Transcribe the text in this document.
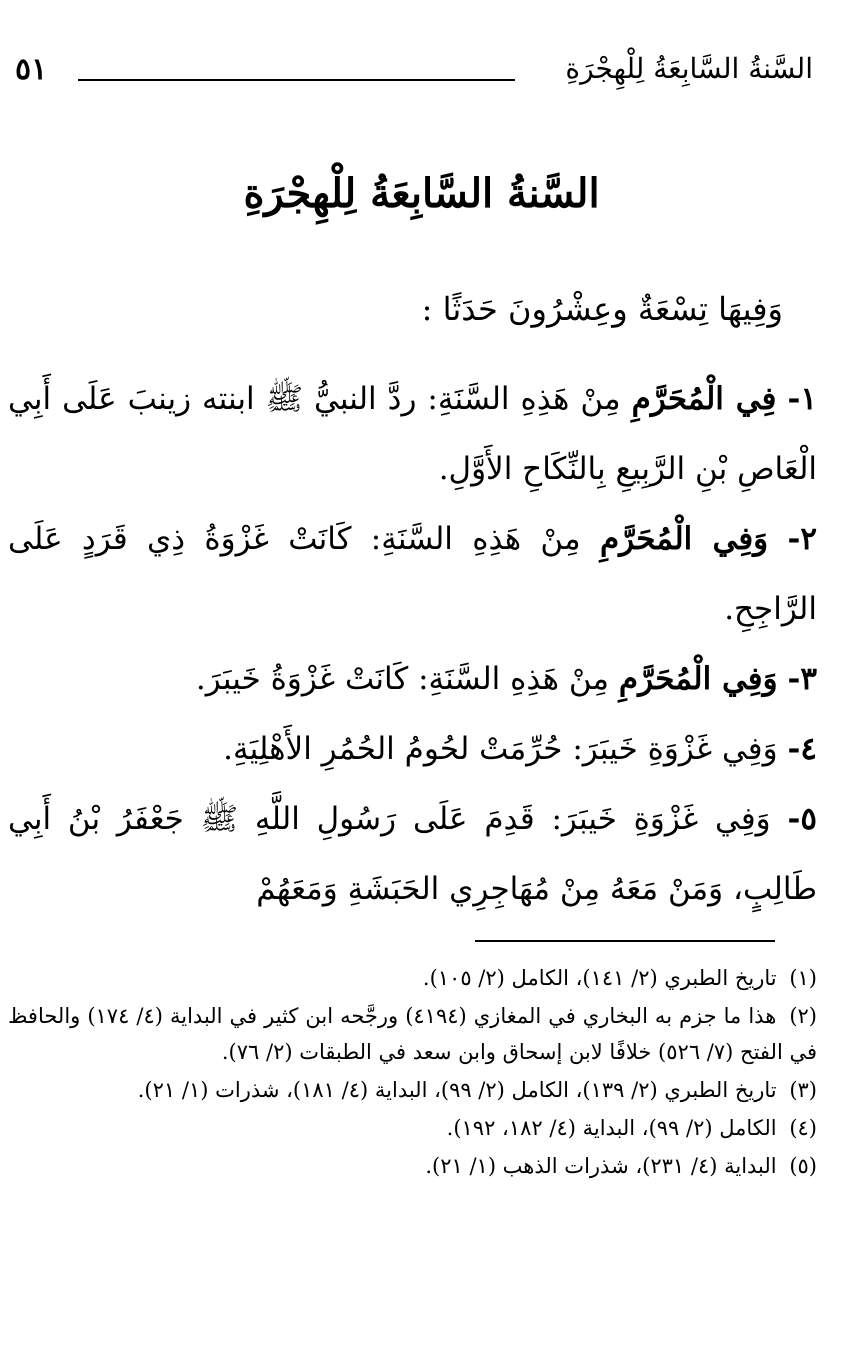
السَّنةُ السَّابِعَةُ لِلْهِجْرَةِ
٥١
السَّنةُ السَّابِعَةُ لِلْهِجْرَةِ
وَفِيهَا تِسْعَةٌ وعِشْرُونَ حَدَثًا :

١- فِي الْمُحَرَّمِ مِنْ هَذِهِ السَّنَةِ: ردَّ النبيُّ ﷺ ابنته زينبَ عَلَى أَبِي الْعَاصِ بْنِ الرَّبِيعِ بِالنِّكَاحِ الأَوَّلِ.

٢- وَفِي الْمُحَرَّمِ مِنْ هَذِهِ السَّنَةِ: كَانَتْ غَزْوَةُ ذِي قَرَدٍ عَلَى الرَّاجِحِ.

٣- وَفِي الْمُحَرَّمِ مِنْ هَذِهِ السَّنَةِ: كَانَتْ غَزْوَةُ خَيبَرَ.

٤- وَفِي غَزْوَةِ خَيبَرَ: حُرِّمَتْ لحُومُ الحُمُرِ الأَهْلِيَةِ.

٥- وَفِي غَزْوَةِ خَيبَرَ: قَدِمَ عَلَى رَسُولِ اللَّهِ ﷺ جَعْفَرُ بْنُ أَبِي طَالِبٍ، وَمَنْ مَعَهُ مِنْ مُهَاجِرِي الحَبَشَةِ وَمَعَهُمْ

(١) تاريخ الطبري (٢/ ١٤١)، الكامل (٢/ ١٠٥).

(٢) هذا ما جزم به البخاري في المغازي (٤١٩٤) ورجَّحه ابن كثير في البداية (٤/ ١٧٤) والحافظ في الفتح (٧/ ٥٢٦) خلافًا لابن إسحاق وابن سعد في الطبقات (٢/ ٧٦).

(٣) تاريخ الطبري (٢/ ١٣٩)، الكامل (٢/ ٩٩)، البداية (٤/ ١٨١)، شذرات (١/ ٢١).

(٤) الكامل (٢/ ٩٩)، البداية (٤/ ١٨٢، ١٩٢).

(٥) البداية (٤/ ٢٣١)، شذرات الذهب (١/ ٢١).
